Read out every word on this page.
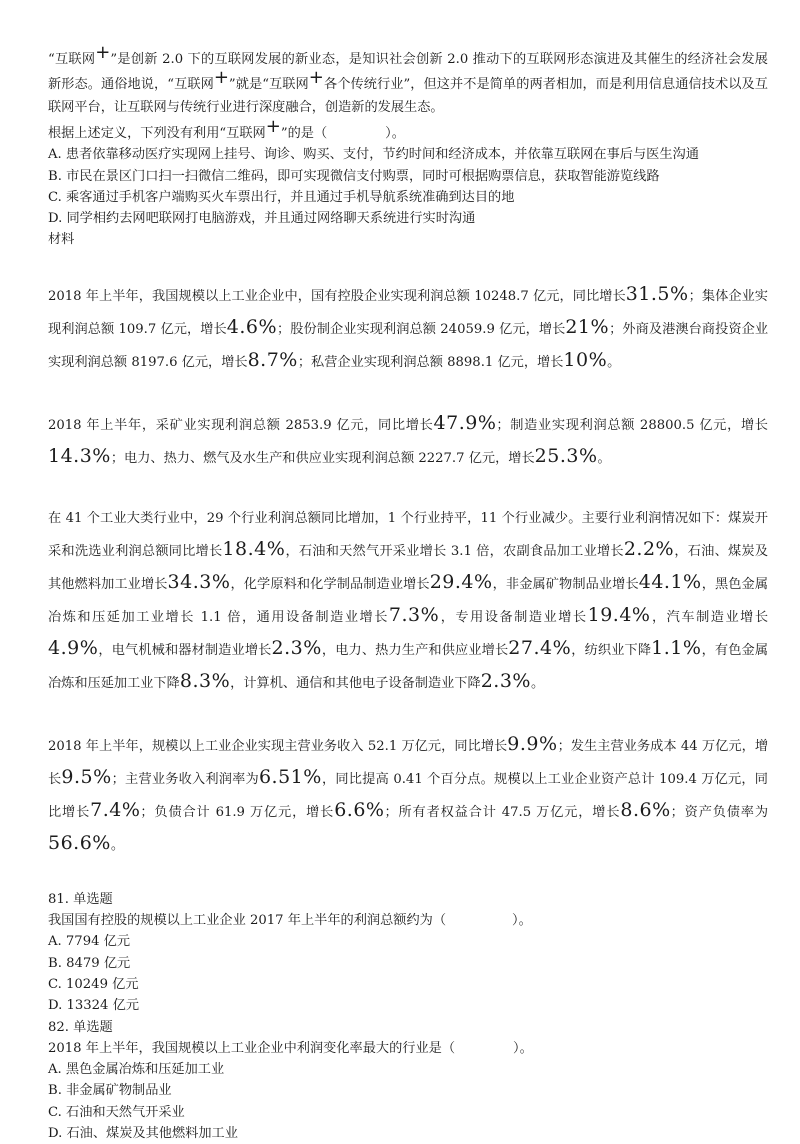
“互联网+”是创新 2.0 下的互联网发展的新业态，是知识社会创新 2.0 推动下的互联网形态演进及其催生的经济社会发展新形态。通俗地说，“互联网+”就是“互联网+各个传统行业”，但这并不是简单的两者相加，而是利用信息通信技术以及互联网平台，让互联网与传统行业进行深度融合，创造新的发展生态。
根据上述定义，下列没有利用“互联网+”的是（	）。
A. 患者依靠移动医疗实现网上挂号、询诊、购买、支付，节约时间和经济成本，并依靠互联网在事后与医生沟通
B. 市民在景区门口扫一扫微信二维码，即可实现微信支付购票，同时可根据购票信息，获取智能游览线路
C. 乘客通过手机客户端购买火车票出行，并且通过手机导航系统准确到达目的地
D. 同学相约去网吧联网打电脑游戏，并且通过网络聊天系统进行实时沟通
材料
2018 年上半年，我国规模以上工业企业中，国有控股企业实现利润总额 10248.7 亿元，同比增长31.5%；集体企业实现利润总额 109.7 亿元，增长4.6%；股份制企业实现利润总额 24059.9 亿元，增长21%；外商及港澳台商投资企业实现利润总额 8197.6 亿元，增长8.7%；私营企业实现利润总额 8898.1 亿元，增长10%。
2018 年上半年，采矿业实现利润总额 2853.9 亿元，同比增长47.9%；制造业实现利润总额 28800.5 亿元，增长14.3%；电力、热力、燃气及水生产和供应业实现利润总额 2227.7 亿元，增长25.3%。
在 41 个工业大类行业中，29 个行业利润总额同比增加，1 个行业持平，11 个行业减少。主要行业利润情况如下：煤炭开采和洗选业利润总额同比增长18.4%，石油和天然气开采业增长 3.1 倍，农副食品加工业增长2.2%，石油、煤炭及其他燃料加工业增长34.3%，化学原料和化学制品制造业增长29.4%，非金属矿物制品业增长44.1%，黑色金属冶炼和压延加工业增长 1.1 倍，通用设备制造业增长7.3%，专用设备制造业增长19.4%，汽车制造业增长4.9%，电气机械和器材制造业增长2.3%，电力、热力生产和供应业增长27.4%，纺织业下降1.1%，有色金属冶炼和压延加工业下降8.3%，计算机、通信和其他电子设备制造业下降2.3%。
2018 年上半年，规模以上工业企业实现主营业务收入 52.1 万亿元，同比增长9.9%；发生主营业务成本 44 万亿元，增长9.5%；主营业务收入利润率为6.51%，同比提高 0.41 个百分点。规模以上工业企业资产总计 109.4 万亿元，同比增长7.4%；负债合计 61.9 万亿元，增长6.6%；所有者权益合计 47.5 万亿元，增长8.6%；资产负债率为56.6%。
81. 单选题
我国国有控股的规模以上工业企业 2017 年上半年的利润总额约为（	）。
A. 7794 亿元
B. 8479 亿元
C. 10249 亿元
D. 13324 亿元
82. 单选题
2018 年上半年，我国规模以上工业企业中利润变化率最大的行业是（	）。
A. 黑色金属冶炼和压延加工业
B. 非金属矿物制品业
C. 石油和天然气开采业
D. 石油、煤炭及其他燃料加工业
